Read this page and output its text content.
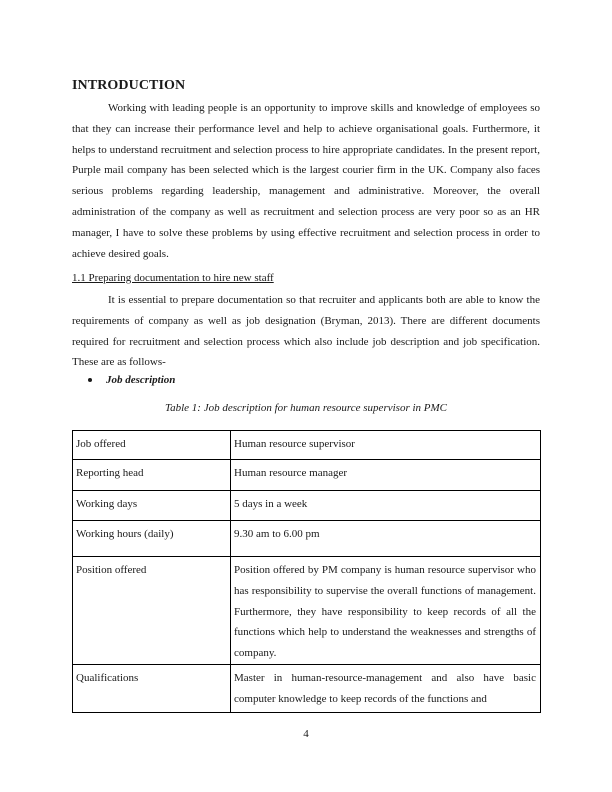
INTRODUCTION

Working with leading people is an opportunity to improve skills and knowledge of employees so that they can increase their performance level and help to achieve organisational goals. Furthermore, it helps to understand recruitment and selection process to hire appropriate candidates. In the present report, Purple mail company has been selected which is the largest courier firm in the UK. Company also faces serious problems regarding leadership, management and administrative. Moreover, the overall administration of the company as well as recruitment and selection process are very poor so as an HR manager, I have to solve these problems by using effective recruitment and selection process in order to achieve desired goals.

1.1 Preparing documentation to hire new staff

It is essential to prepare documentation so that recruiter and applicants both are able to know the requirements of company as well as job designation (Bryman, 2013). There are different documents required for recruitment and selection process which also include job description and job specification. These are as follows-

Job description
Table 1: Job description for human resource supervisor in PMC
Job offered	Human resource supervisor
Reporting head	Human resource manager
Working days	5 days in a week
Working hours (daily)	9.30 am to 6.00 pm
Position offered	Position offered by PM company is human resource supervisor who has responsibility to supervise the overall functions of management. Furthermore, they have responsibility to keep records of all the functions which help to understand the weaknesses and strengths of company.
Qualifications	Master in human-resource-management and also have basic computer knowledge to keep records of the functions and
4
